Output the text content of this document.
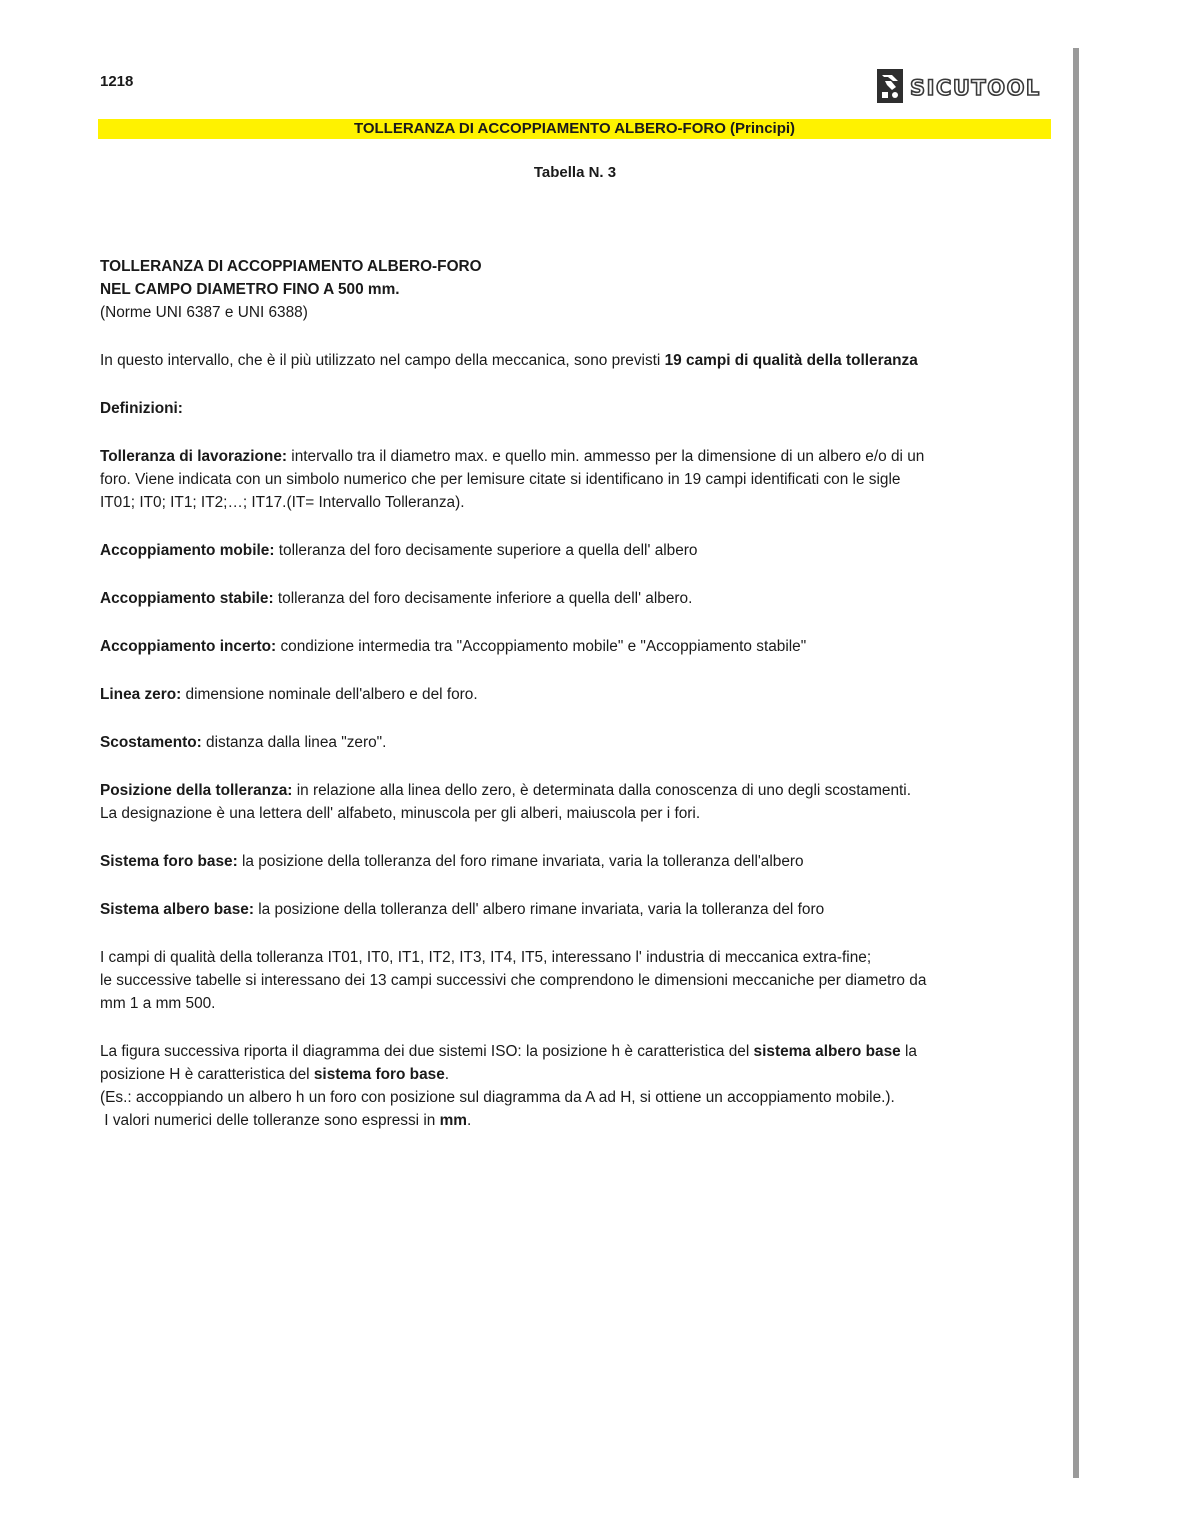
1218	SICUTOOL
TOLLERANZA DI ACCOPPIAMENTO ALBERO-FORO (Principi)
Tabella N. 3

TOLLERANZA DI ACCOPPIAMENTO ALBERO-FORO

NEL CAMPO DIAMETRO FINO A 500 mm.

(Norme UNI 6387 e UNI 6388)

In questo intervallo, che è il più utilizzato nel campo della meccanica, sono previsti 19 campi di qualità della tolleranza

Definizioni:

Tolleranza di lavorazione: intervallo tra il diametro max. e quello min. ammesso per la dimensione di un albero e/o di un

foro. Viene indicata con un simbolo numerico che per lemisure citate si identificano in 19 campi identificati con le sigle

IT01; IT0; IT1; IT2;…; IT17.(IT= Intervallo Tolleranza).

Accoppiamento mobile: tolleranza del foro decisamente superiore a quella dell' albero

Accoppiamento stabile: tolleranza del foro decisamente inferiore a quella dell' albero.

Accoppiamento incerto: condizione intermedia tra "Accoppiamento mobile" e "Accoppiamento stabile"

Linea zero: dimensione nominale dell'albero e del foro.

Scostamento: distanza dalla linea "zero".

Posizione della tolleranza: in relazione alla linea dello zero, è determinata dalla conoscenza di uno degli scostamenti.

La designazione è una lettera dell' alfabeto, minuscola per gli alberi, maiuscola per i fori.

Sistema foro base: la posizione della tolleranza del foro rimane invariata, varia la tolleranza dell'albero

Sistema albero base: la posizione della tolleranza dell' albero rimane invariata, varia la tolleranza del foro

I campi di qualità della tolleranza IT01, IT0, IT1, IT2, IT3, IT4, IT5, interessano l' industria di meccanica extra-fine;

le successive tabelle si interessano dei 13 campi successivi che comprendono le dimensioni meccaniche per diametro da

mm 1 a mm 500.

La figura successiva riporta il diagramma dei due sistemi ISO: la posizione h è caratteristica del sistema albero base la

posizione H è caratteristica del sistema foro base.

(Es.: accoppiando un albero h un foro con posizione sul diagramma da A ad H, si ottiene un accoppiamento mobile.).

I valori numerici delle tolleranze sono espressi in mm.
